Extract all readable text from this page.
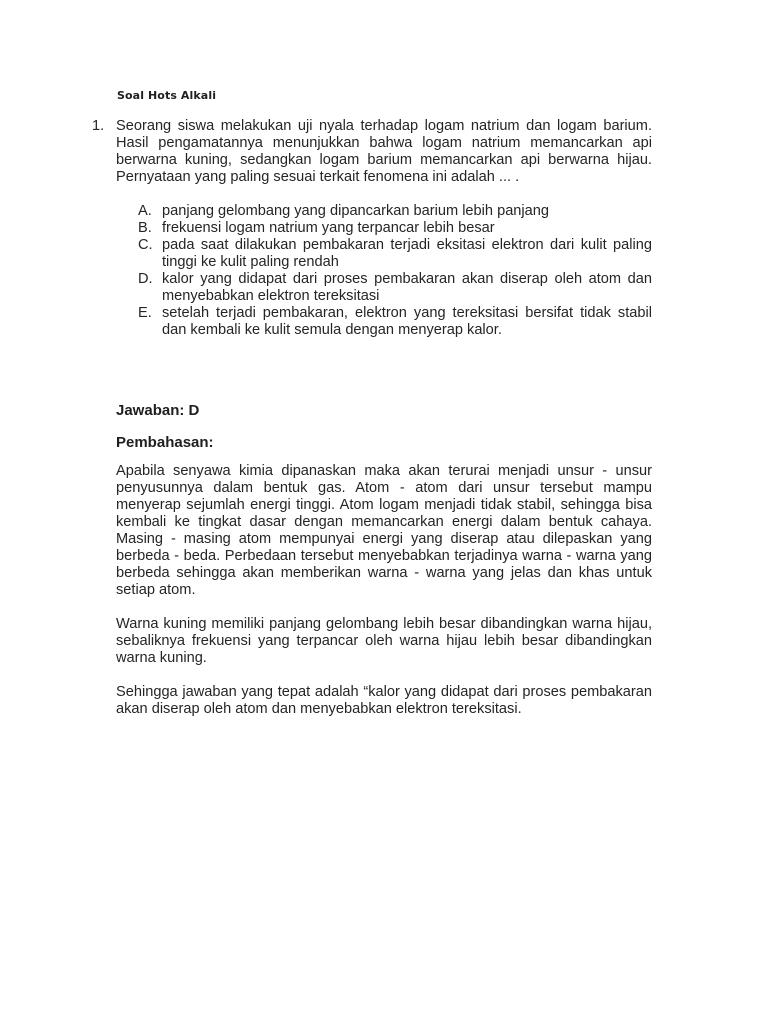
Soal Hots Alkali
1. Seorang siswa melakukan uji nyala terhadap logam natrium dan logam barium. Hasil pengamatannya menunjukkan bahwa logam natrium memancarkan api berwarna kuning, sedangkan logam barium memancarkan api berwarna hijau. Pernyataan yang paling sesuai terkait fenomena ini adalah ... .
A. panjang gelombang yang dipancarkan barium lebih panjang
B. frekuensi logam natrium yang terpancar lebih besar
C. pada saat dilakukan pembakaran terjadi eksitasi elektron dari kulit paling tinggi ke kulit paling rendah
D. kalor yang didapat dari proses pembakaran akan diserap oleh atom dan menyebabkan elektron tereksitasi
E. setelah terjadi pembakaran, elektron yang tereksitasi bersifat tidak stabil dan kembali ke kulit semula dengan menyerap kalor.
Jawaban: D
Pembahasan:

Apabila senyawa kimia dipanaskan maka akan terurai menjadi unsur - unsur penyusunnya dalam bentuk gas. Atom - atom dari unsur tersebut mampu menyerap sejumlah energi tinggi. Atom logam menjadi tidak stabil, sehingga bisa kembali ke tingkat dasar dengan memancarkan energi dalam bentuk cahaya. Masing - masing atom mempunyai energi yang diserap atau dilepaskan yang berbeda - beda. Perbedaan tersebut menyebabkan terjadinya warna - warna yang berbeda sehingga akan memberikan warna - warna yang jelas dan khas untuk setiap atom.

Warna kuning memiliki panjang gelombang lebih besar dibandingkan warna hijau, sebaliknya frekuensi yang terpancar oleh warna hijau lebih besar dibandingkan warna kuning.

Sehingga jawaban yang tepat adalah “kalor yang didapat dari proses pembakaran akan diserap oleh atom dan menyebabkan elektron tereksitasi.
